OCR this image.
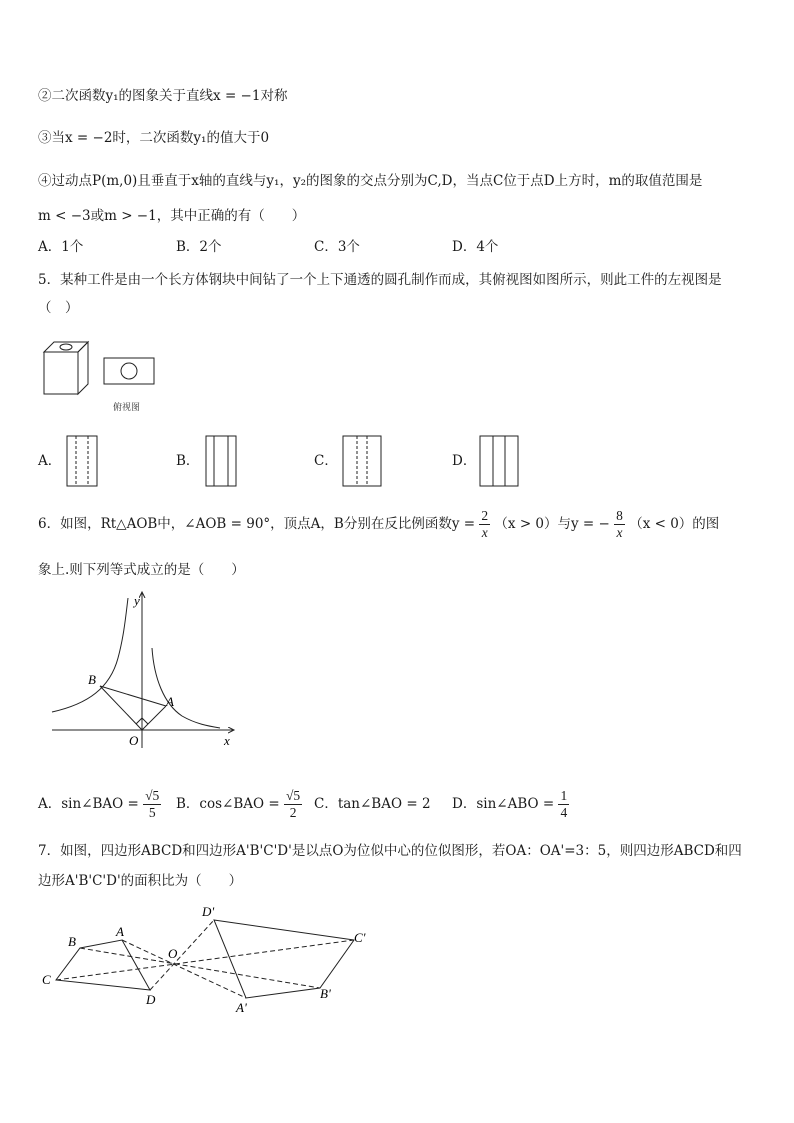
②二次函数y₁的图象关于直线x = −1对称
③当x = −2时，二次函数y₁的值大于0
④过动点P(m,0)且垂直于x轴的直线与y₁，y₂的图象的交点分别为C,D，当点C位于点D上方时，m的取值范围是
m < −3或m > −1，其中正确的有（　　）
A．1个	B．2个	C．3个	D．4个
5．某种工件是由一个长方体钢块中间钻了一个上下通透的圆孔制作而成，其俯视图如图所示，则此工件的左视图是
（　）
俯视图
A．	B．	C．	D．
6．如图，Rt△AOB中，∠AOB = 90°，顶点A，B分别在反比例函数$y = \frac{2}{x} (x > 0)$与y = − $\frac{8}{x} (x < 0)$的图
象上.则下列等式成立的是（　　）
y
x
O
A
B
A．sin∠BAO = $\frac{√5}{5}$ B．cos∠BAO = $\frac{√5}{2}$ C．tan∠BAO = 2 D．sin∠ABO = $\frac{1}{4}$
7．如图，四边形ABCD和四边形A'B'C'D'是以点O为位似中心的位似图形，若OA：OA'=3：5，则四边形ABCD和四
边形A'B'C'D'的面积比为（　　）
A
B
C
D
O
A'
B'
C'
D'
